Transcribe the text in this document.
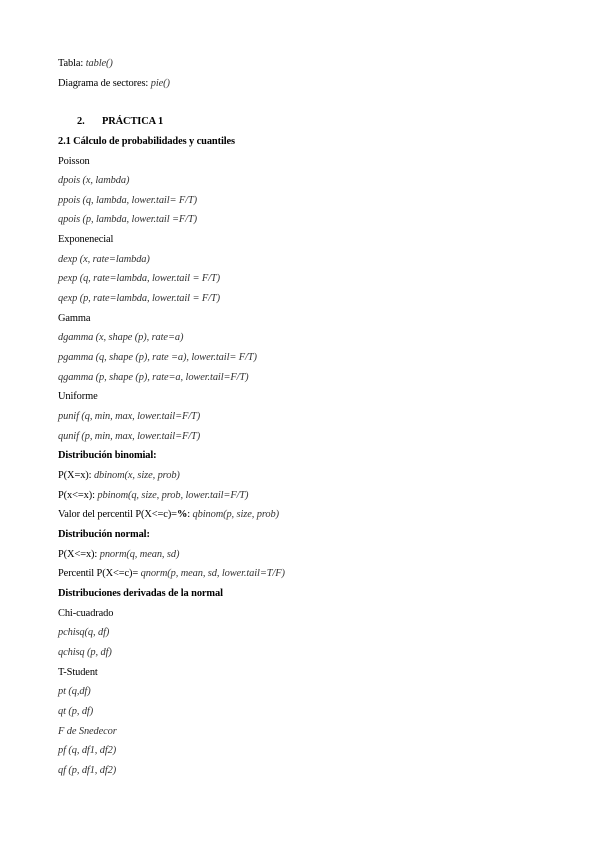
Tabla: table()
Diagrama de sectores: pie()
2. PRÁCTICA 1
2.1 Cálculo de probabilidades y cuantiles
Poisson
dpois (x, lambda)
ppois (q, lambda, lower.tail= F/T)
qpois (p, lambda, lower.tail =F/T)
Exponenecial
dexp (x, rate=lambda)
pexp (q, rate=lambda, lower.tail = F/T)
qexp (p, rate=lambda, lower.tail = F/T)
Gamma
dgamma (x, shape (p), rate=a)
pgamma (q, shape (p), rate =a), lower.tail= F/T)
qgamma (p, shape (p), rate=a, lower.tail=F/T)
Uniforme
punif (q, min, max, lower.tail=F/T)
qunif (p, min, max, lower.tail=F/T)
Distribución binomial:
P(X=x): dbinom(x, size, prob)
P(x<=x): pbinom(q, size, prob, lower.tail=F/T)
Valor del percentil P(X<=c)=%: qbinom(p, size, prob)
Distribución normal:
P(X<=x): pnorm(q, mean, sd)
Percentil P(X<=c)= qnorm(p, mean, sd, lower.tail=T/F)
Distribuciones derivadas de la normal
Chi-cuadrado
pchisq(q, df)
qchisq (p, df)
T-Student
pt (q,df)
qt (p, df)
F de Snedecor
pf (q, df1, df2)
qf (p, df1, df2)
